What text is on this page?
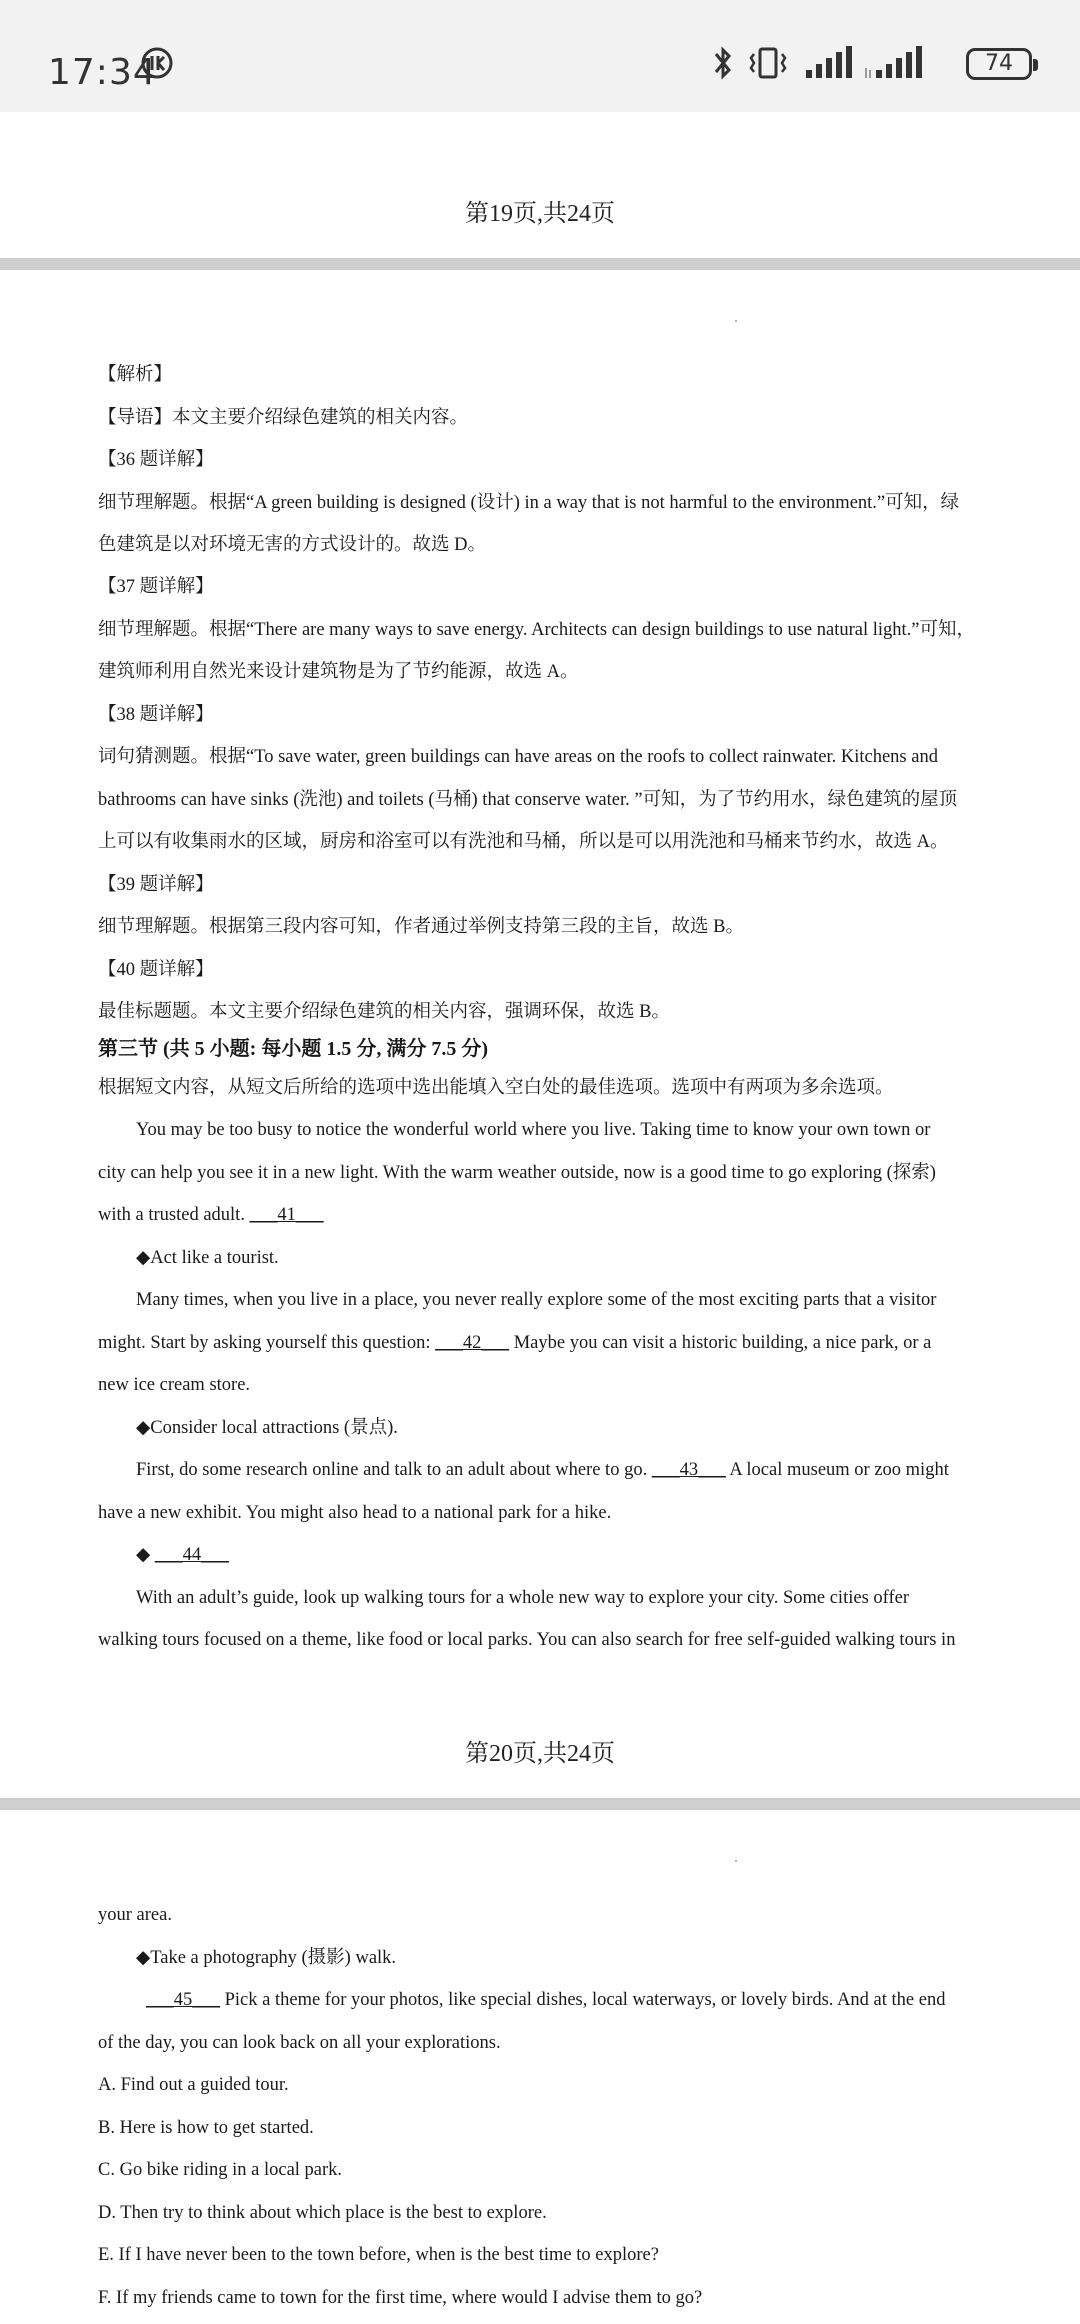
17:34	74
第19页,共24页
【解析】
【导语】本文主要介绍绿色建筑的相关内容。
【36 题详解】
细节理解题。根据“A green building is designed (设计) in a way that is not harmful to the environment.”可知，绿
色建筑是以对环境无害的方式设计的。故选 D。
【37 题详解】
细节理解题。根据“There are many ways to save energy. Architects can design buildings to use natural light.”可知，
建筑师利用自然光来设计建筑物是为了节约能源，故选 A。
【38 题详解】
词句猜测题。根据“To save water, green buildings can have areas on the roofs to collect rainwater. Kitchens and
bathrooms can have sinks (洗池) and toilets (马桶) that conserve water. ”可知，为了节约用水，绿色建筑的屋顶
上可以有收集雨水的区域，厨房和浴室可以有洗池和马桶，所以是可以用洗池和马桶来节约水，故选 A。
【39 题详解】
细节理解题。根据第三段内容可知，作者通过举例支持第三段的主旨，故选 B。
【40 题详解】
最佳标题题。本文主要介绍绿色建筑的相关内容，强调环保，故选 B。
第三节 (共 5 小题: 每小题 1.5 分, 满分 7.5 分)
根据短文内容，从短文后所给的选项中选出能填入空白处的最佳选项。选项中有两项为多余选项。
You may be too busy to notice the wonderful world where you live. Taking time to know your own town or
city can help you see it in a new light. With the warm weather outside, now is a good time to go exploring (探索)
with a trusted adult. ___41___
◆Act like a tourist.
Many times, when you live in a place, you never really explore some of the most exciting parts that a visitor
might. Start by asking yourself this question: ___42___ Maybe you can visit a historic building, a nice park, or a
new ice cream store.
◆Consider local attractions (景点).
First, do some research online and talk to an adult about where to go. ___43___ A local museum or zoo might
have a new exhibit. You might also head to a national park for a hike.
◆ ___44___
With an adult’s guide, look up walking tours for a whole new way to explore your city. Some cities offer
walking tours focused on a theme, like food or local parks. You can also search for free self-guided walking tours in
第20页,共24页
your area.
◆Take a photography (摄影) walk.
___45___ Pick a theme for your photos, like special dishes, local waterways, or lovely birds. And at the end
of the day, you can look back on all your explorations.
A. Find out a guided tour.
B. Here is how to get started.
C. Go bike riding in a local park.
D. Then try to think about which place is the best to explore.
E. If I have never been to the town before, when is the best time to explore?
F. If my friends came to town for the first time, where would I advise them to go?
